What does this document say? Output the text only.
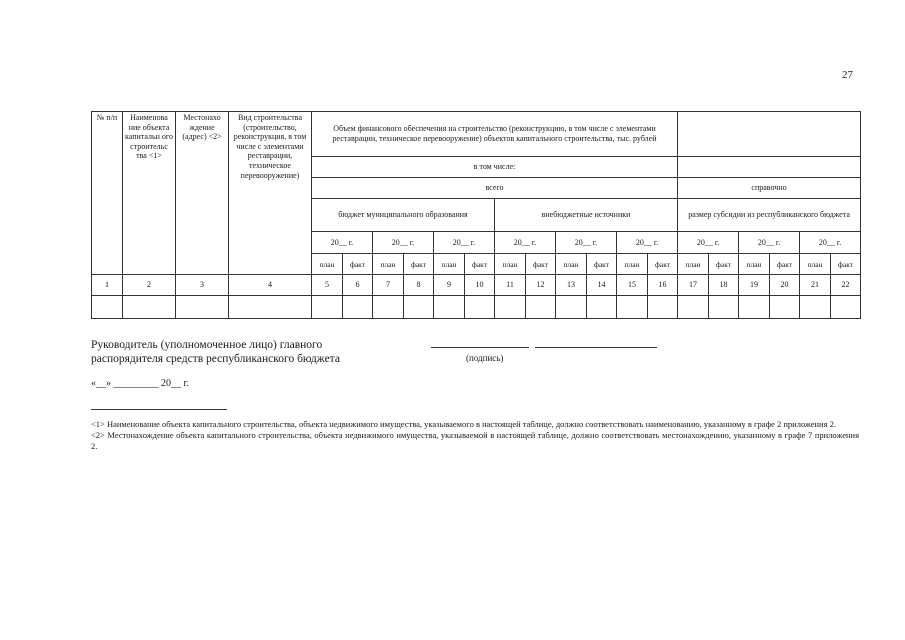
27
№ п/п	Наименова ние объекта капитальн ого строительс тва <1>	Местонахо ждение (адрес) <2>	Вид строительства (строительство, реконструкция, в том числе с элементами реставрации, техническое перевооружение)	Объем финансового обеспечения на строительство (реконструкцию, в том числе с элементами реставрации, техническое перевооружение) объектов капитального строительства, тыс. рублей																	
				в том числе:																	
				всего												справочно					
				бюджет муниципального образования						внебюджетные источники						размер субсидии из республиканского бюджета					
				20__ г.		20__ г.		20__ г.		20__ г.		20__ г.		20__ г.		20__ г.		20__ г.		20__ г.	
				план	факт	план	факт	план	факт	план	факт	план	факт	план	факт	план	факт	план	факт	план	факт
1	2	3	4	5	6	7	8	9	10	11	12	13	14	15	16	17	18	19	20	21	22

Руководитель (уполномоченное лицо) главного
распорядителя средств республиканского бюджета	(подпись)
«__» _________ 20__ г.

<1> Наименование объекта капитального строительства, объекта недвижимого имущества, указываемого в настоящей таблице, должно соответствовать наименованию, указанному в графе 2 приложения 2.

<2> Местонахождение объекта капитального строительства, объекта недвижимого имущества, указываемой в настоящей таблице, должно соответствовать местонахождению, указанному в графе 7 приложения 2.
